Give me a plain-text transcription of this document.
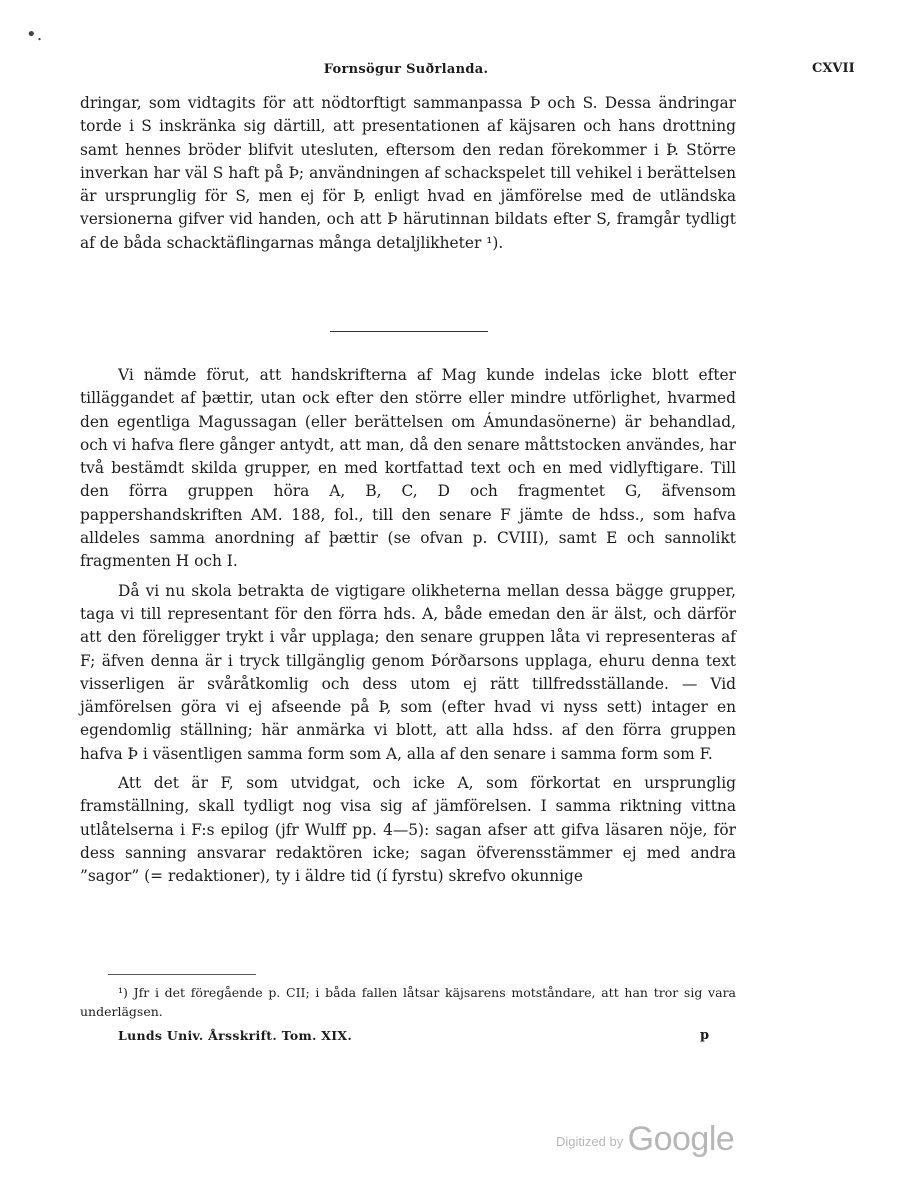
•.
Fornsögur Suðrlanda.	CXVII

dringar, som vidtagits för att nödtorftigt sammanpassa Þ och S. Dessa ändringar torde i S inskränka sig därtill, att presentationen af käjsaren och hans drottning samt hennes bröder blifvit utesluten, eftersom den redan förekommer i Þ. Större inverkan har väl S haft på Þ; användningen af schackspelet till vehikel i berättelsen är ursprunglig för S, men ej för Þ, enligt hvad en jämförelse med de utländska versionerna gifver vid handen, och att Þ härutinnan bildats efter S, framgår tydligt af de båda schacktäflingarnas många detaljlikheter ¹).

Vi nämde förut, att handskrifterna af Mag kunde indelas icke blott efter tilläggandet af þættir, utan ock efter den större eller mindre utförlighet, hvarmed den egentliga Magussagan (eller berättelsen om Ámundasönerne) är behandlad, och vi hafva flere gånger antydt, att man, då den senare måttstocken användes, har två bestämdt skilda grupper, en med kortfattad text och en med vidlyftigare. Till den förra gruppen höra A, B, C, D och fragmentet G, äfvensom pappershandskriften AM. 188, fol., till den senare F jämte de hdss., som hafva alldeles samma anordning af þættir (se ofvan p. CVIII), samt E och sannolikt fragmenten H och I.

Då vi nu skola betrakta de vigtigare olikheterna mellan dessa bägge grupper, taga vi till representant för den förra hds. A, både emedan den är älst, och därför att den föreligger trykt i vår upplaga; den senare gruppen låta vi representeras af F; äfven denna är i tryck tillgänglig genom Þórðarsons upplaga, ehuru denna text visserligen är svåråtkomlig och dess utom ej rätt tillfredsställande. — Vid jämförelsen göra vi ej afseende på Þ, som (efter hvad vi nyss sett) intager en egendomlig ställning; här anmärka vi blott, att alla hdss. af den förra gruppen hafva Þ i väsentligen samma form som A, alla af den senare i samma form som F.

Att det är F, som utvidgat, och icke A, som förkortat en ursprunglig framställning, skall tydligt nog visa sig af jämförelsen. I samma riktning vittna utlåtelserna i F:s epilog (jfr Wulff pp. 4—5): sagan afser att gifva läsaren nöje, för dess sanning ansvarar redaktören icke; sagan öfverensstämmer ej med andra ”sagor” (= redaktioner), ty i äldre tid (í fyrstu) skrefvo okunnige

¹) Jfr i det föregående p. CII; i båda fallen låtsar käjsarens motståndare, att han tror sig vara underlägsen.
Lunds Univ. Årsskrift. Tom. XIX.	p
$^{Digitized by}$ Google
